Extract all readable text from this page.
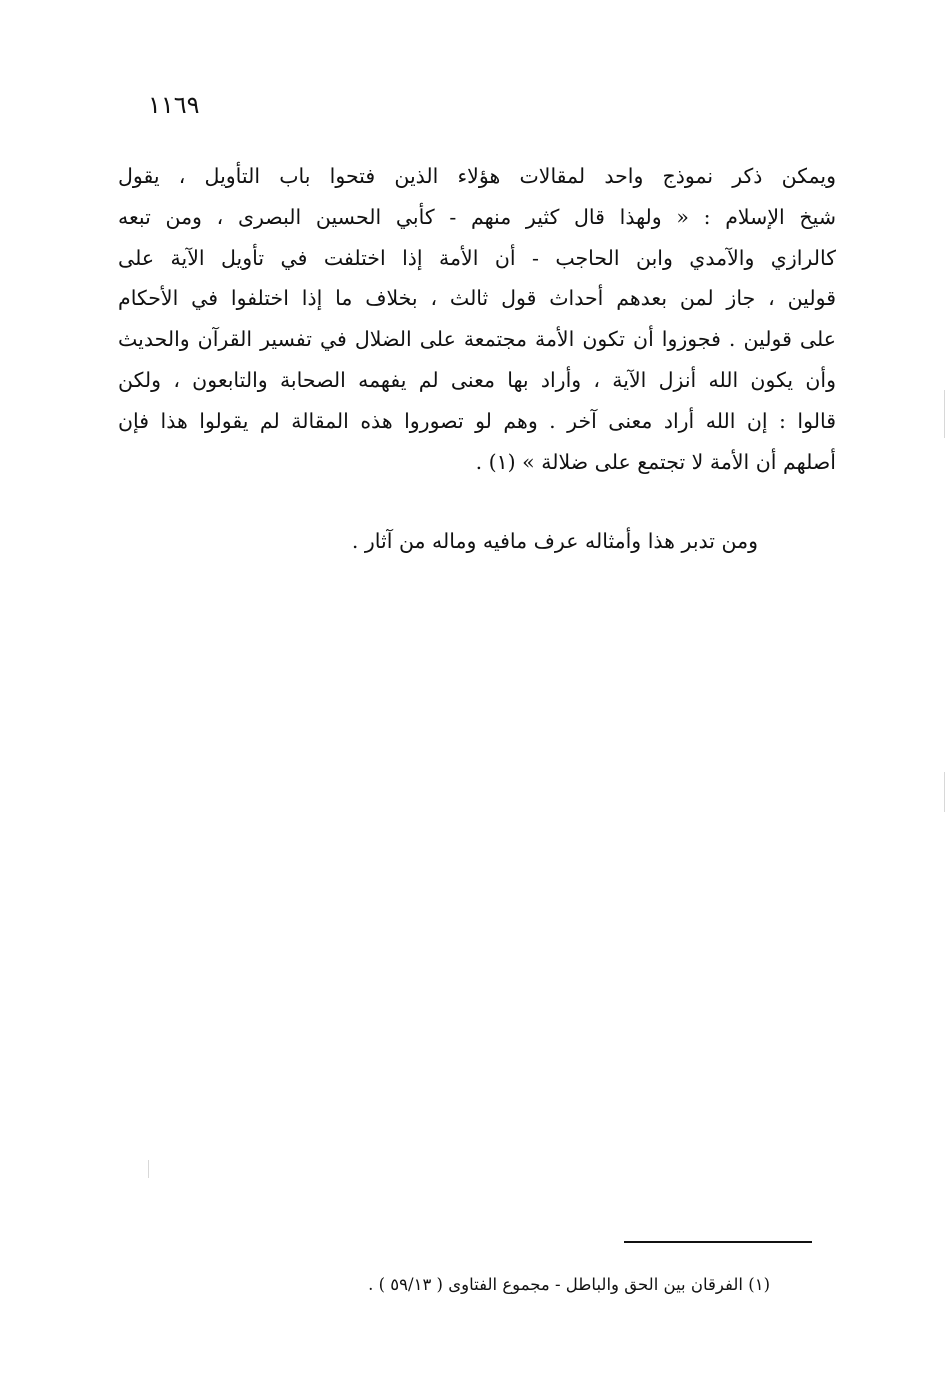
١١٦٩
ويمكن ذكر نموذج واحد لمقالات هؤلاء الذين فتحوا باب التأويل ، يقول
شيخ الإسلام : « ولهذا قال كثير منهم - كأبي الحسين البصرى ، ومن تبعه
كالرازي والآمدي وابن الحاجب - أن الأمة إذا اختلفت في تأويل الآية على
قولين ، جاز لمن بعدهم أحداث قول ثالث ، بخلاف ما إذا اختلفوا في الأحكام
على قولين . فجوزوا أن تكون الأمة مجتمعة على الضلال في تفسير القرآن والحديث
وأن يكون الله أنزل الآية ، وأراد بها معنى لم يفهمه الصحابة والتابعون ، ولكن
قالوا : إن الله أراد معنى آخر . وهم لو تصوروا هذه المقالة لم يقولوا هذا فإن
أصلهم أن الأمة لا تجتمع على ضلالة » (١) .
ومن تدبر هذا وأمثاله عرف مافيه وماله من آثار .
(١) الفرقان بين الحق والباطل - مجموع الفتاوى ( ٥٩/١٣ ) .
